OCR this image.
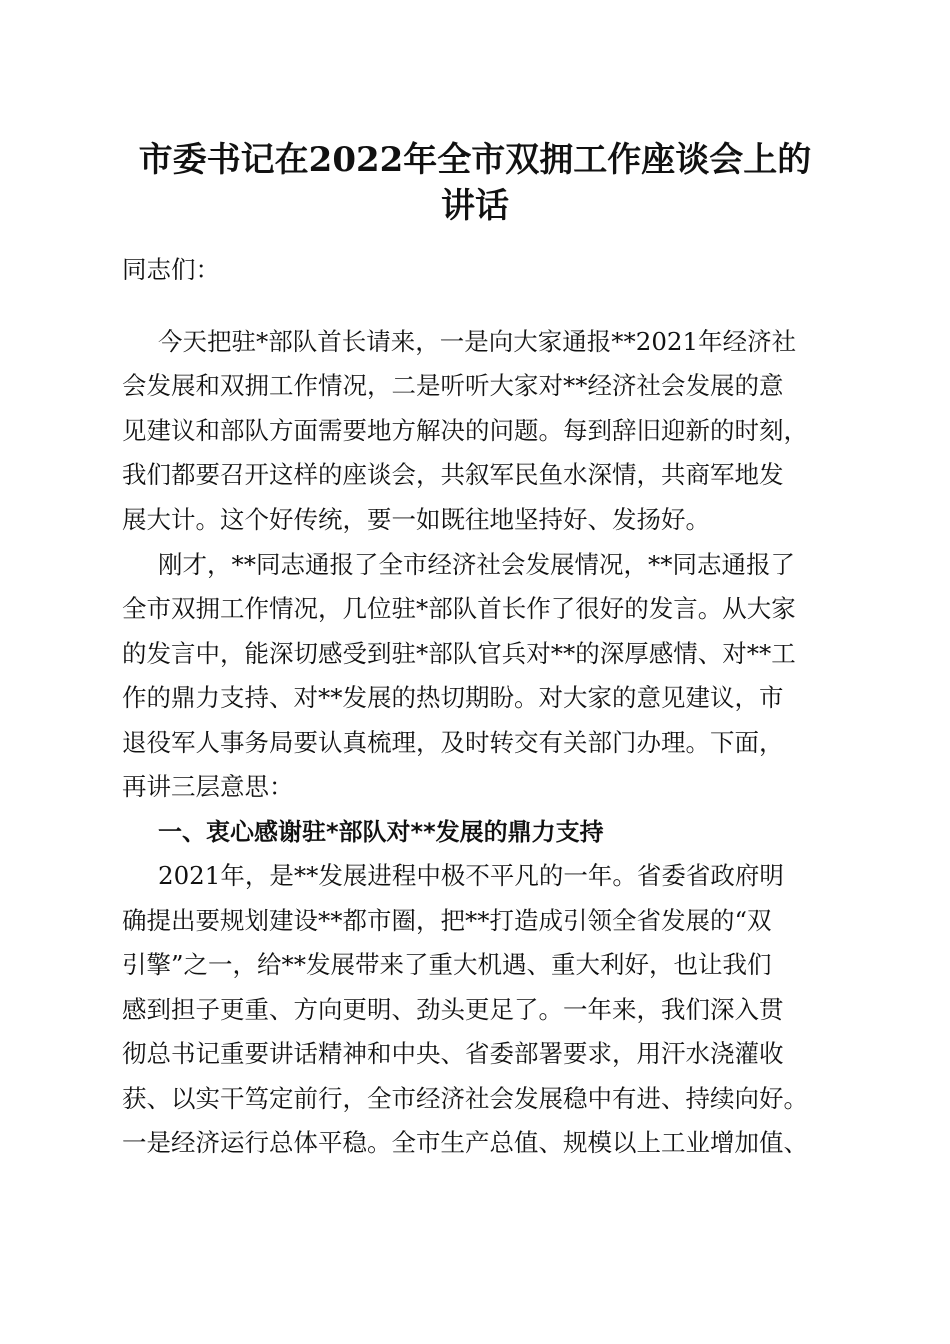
市委书记在2022年全市双拥工作座谈会上的
讲话
同志们：
今天把驻*部队首长请来，一是向大家通报**2021年经济社
会发展和双拥工作情况，二是听听大家对**经济社会发展的意
见建议和部队方面需要地方解决的问题。每到辞旧迎新的时刻，
我们都要召开这样的座谈会，共叙军民鱼水深情，共商军地发
展大计。这个好传统，要一如既往地坚持好、发扬好。
刚才，**同志通报了全市经济社会发展情况，**同志通报了
全市双拥工作情况，几位驻*部队首长作了很好的发言。从大家
的发言中，能深切感受到驻*部队官兵对**的深厚感情、对**工
作的鼎力支持、对**发展的热切期盼。对大家的意见建议，市
退役军人事务局要认真梳理，及时转交有关部门办理。下面，
再讲三层意思：
一、衷心感谢驻*部队对**发展的鼎力支持
2021年，是**发展进程中极不平凡的一年。省委省政府明
确提出要规划建设**都市圈，把**打造成引领全省发展的“双
引擎”之一，给**发展带来了重大机遇、重大利好，也让我们
感到担子更重、方向更明、劲头更足了。一年来，我们深入贯
彻总书记重要讲话精神和中央、省委部署要求，用汗水浇灌收
获、以实干笃定前行，全市经济社会发展稳中有进、持续向好。
一是经济运行总体平稳。全市生产总值、规模以上工业增加值、
